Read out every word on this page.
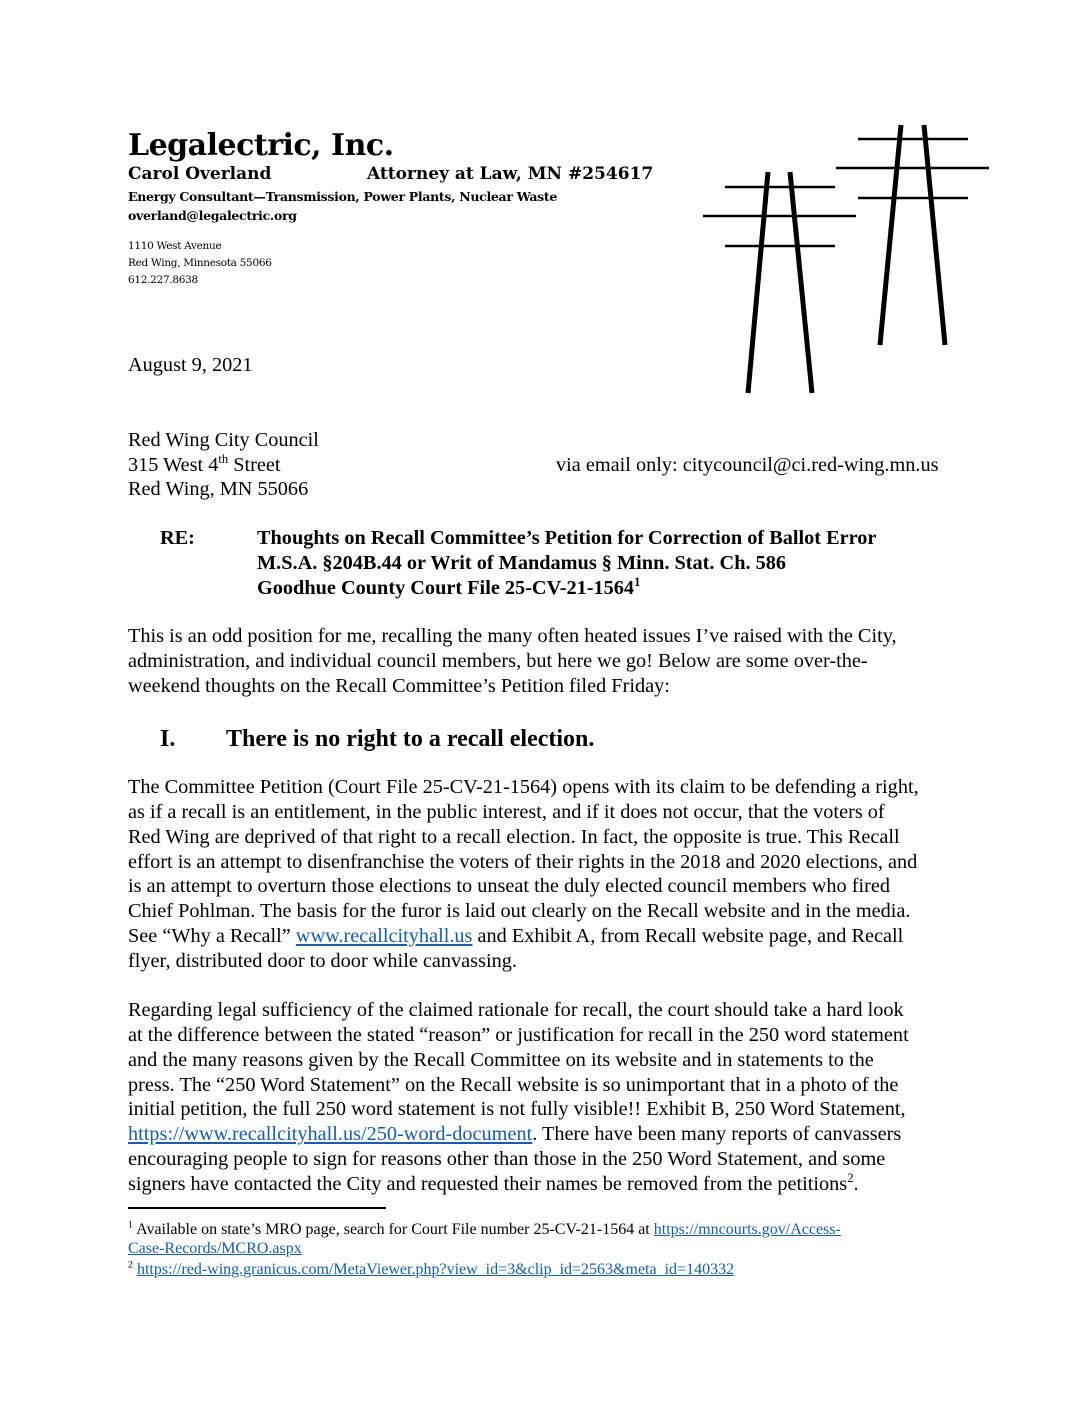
Legalectric, Inc.
Carol Overland	Attorney at Law, MN #254617
Energy Consultant—Transmission, Power Plants, Nuclear Waste
overland@legalectric.org
1110 West Avenue
Red Wing, Minnesota 55066
612.227.8638
August 9, 2021
Red Wing City Council
315 West 4th Street
Red Wing, MN 55066
via email only: citycouncil@ci.red-wing.mn.us
RE:	Thoughts on Recall Committee’s Petition for Correction of Ballot Error
M.S.A. §204B.44 or Writ of Mandamus § Minn. Stat. Ch. 586
Goodhue County Court File 25-CV-21-1564$^1$
This is an odd position for me, recalling the many often heated issues I’ve raised with the City,
administration, and individual council members, but here we go! Below are some over-the-
weekend thoughts on the Recall Committee’s Petition filed Friday:
I. There is no right to a recall election.
The Committee Petition (Court File 25-CV-21-1564) opens with its claim to be defending a right,
as if a recall is an entitlement, in the public interest, and if it does not occur, that the voters of
Red Wing are deprived of that right to a recall election. In fact, the opposite is true. This Recall
effort is an attempt to disenfranchise the voters of their rights in the 2018 and 2020 elections, and
is an attempt to overturn those elections to unseat the duly elected council members who fired
Chief Pohlman. The basis for the furor is laid out clearly on the Recall website and in the media.
See “Why a Recall” www.recallcityhall.us and Exhibit A, from Recall website page, and Recall
flyer, distributed door to door while canvassing.
Regarding legal sufficiency of the claimed rationale for recall, the court should take a hard look
at the difference between the stated “reason” or justification for recall in the 250 word statement
and the many reasons given by the Recall Committee on its website and in statements to the
press. The “250 Word Statement” on the Recall website is so unimportant that in a photo of the
initial petition, the full 250 word statement is not fully visible!! Exhibit B, 250 Word Statement,
https://www.recallcityhall.us/250-word-document. There have been many reports of canvassers
encouraging people to sign for reasons other than those in the 250 Word Statement, and some
signers have contacted the City and requested their names be removed from the petitions$^2$.
$^1$ Available on state’s MRO page, search for Court File number 25-CV-21-1564 at https://mncourts.gov/Access-
Case-Records/MCRO.aspx
$^2$ https://red-wing.granicus.com/MetaViewer.php?view_id=3&clip_id=2563&meta_id=140332
